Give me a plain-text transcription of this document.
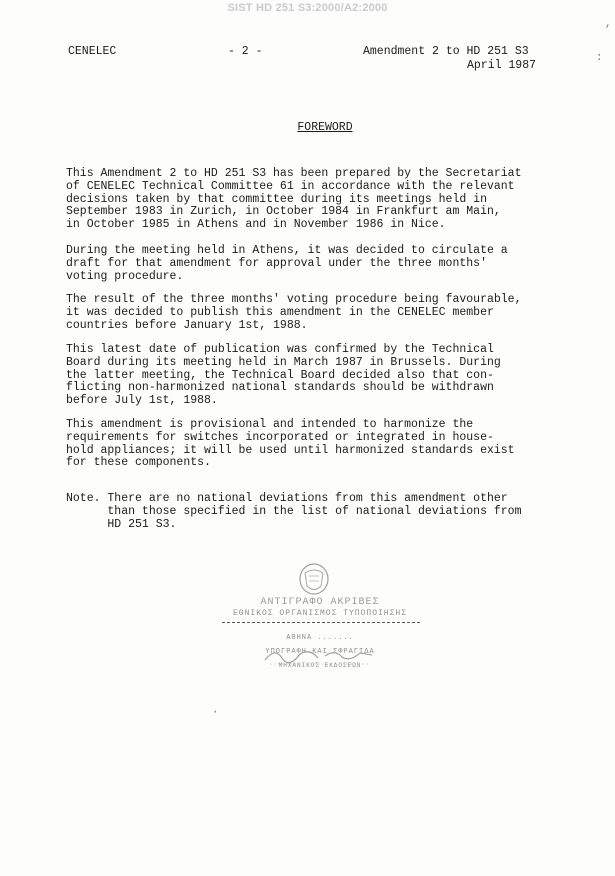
SIST HD 251 S3:2000/A2:2000
CENELEC	- 2 -	Amendment 2 to HD 251 S3
April 1987
FOREWORD

This Amendment 2 to HD 251 S3 has been prepared by the Secretariat
of CENELEC Technical Committee 61 in accordance with the relevant
decisions taken by that committee during its meetings held in
September 1983 in Zurich, in October 1984 in Frankfurt am Main,
in October 1985 in Athens and in November 1986 in Nice.

During the meeting held in Athens, it was decided to circulate a
draft for that amendment for approval under the three months'
voting procedure.

The result of the three months' voting procedure being favourable,
it was decided to publish this amendment in the CENELEC member
countries before January 1st, 1988.

This latest date of publication was confirmed by the Technical
Board during its meeting held in March 1987 in Brussels. During
the latter meeting, the Technical Board decided also that con-
flicting non-harmonized national standards should be withdrawn
before July 1st, 1988.

This amendment is provisional and intended to harmonize the
requirements for switches incorporated or integrated in house-
hold appliances; it will be used until harmonized standards exist
for these components.

Note. There are no national deviations from this amendment other
than those specified in the list of national deviations from
HD 251 S3.
ΑΝΤΙΓΡΑΦΟ ΑΚΡΙΒΕΣ
ΕΘΝΙΚΟΣ ΟΡΓΑΝΙΣΜΟΣ ΤΥΠΟΠΟΙΗΣΗΣ
ΑΘΗΝΑ .......
ΥΠΟΓΡΑΦΗ ΚΑΙ ΣΦΡΑΓΙΔΑ
ΜΗΧΑΝΙΚΟΣ ΕΚΔΟΣΕΩΝ
,
:
·
